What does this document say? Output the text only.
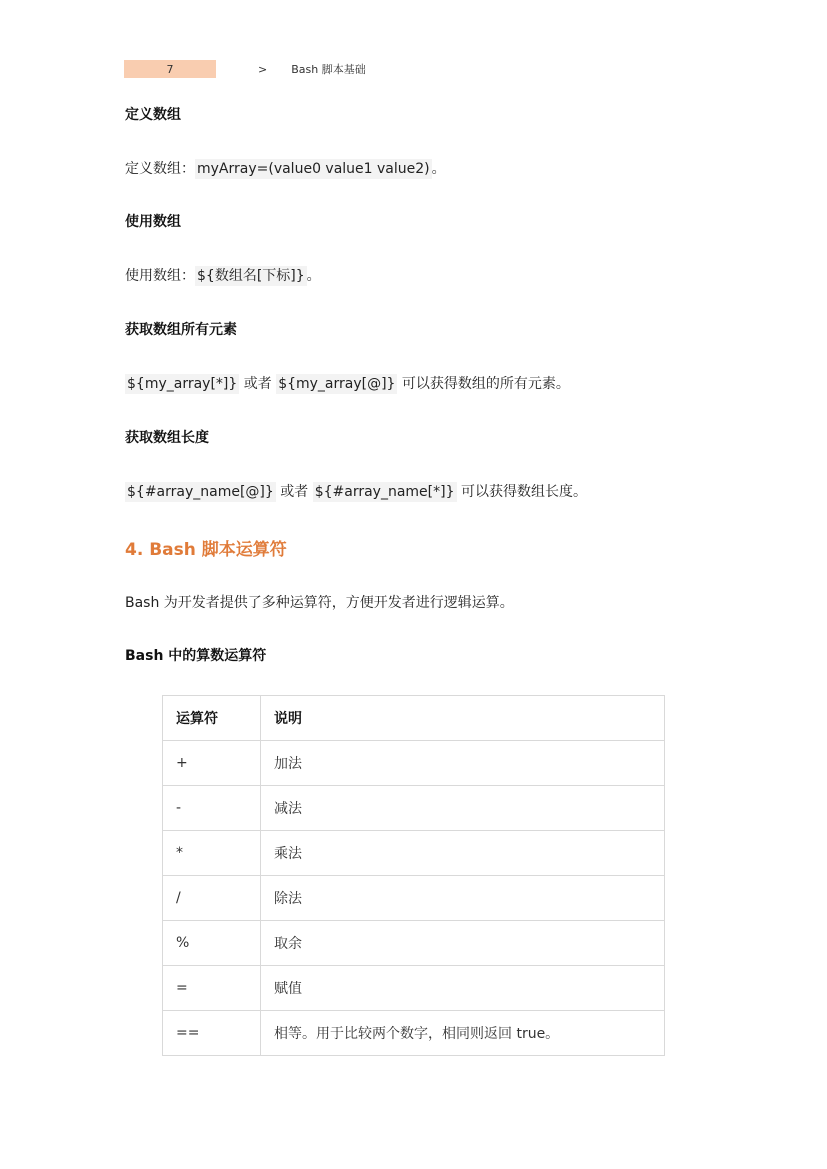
7	> Bash 脚本基础
定义数组
定义数组： myArray=(value0 value1 value2) 。
使用数组
使用数组： ${数组名[下标]} 。
获取数组所有元素
${my_array[*]} 或者 ${my_array[@]} 可以获得数组的所有元素。
获取数组长度
${#array_name[@]} 或者 ${#array_name[*]} 可以获得数组长度。
4. Bash 脚本运算符
Bash 为开发者提供了多种运算符，方便开发者进行逻辑运算。
Bash 中的算数运算符
运算符	说明
+	加法
-	减法
*	乘法
/	除法
%	取余
=	赋值
==	相等。用于比较两个数字，相同则返回 true。
